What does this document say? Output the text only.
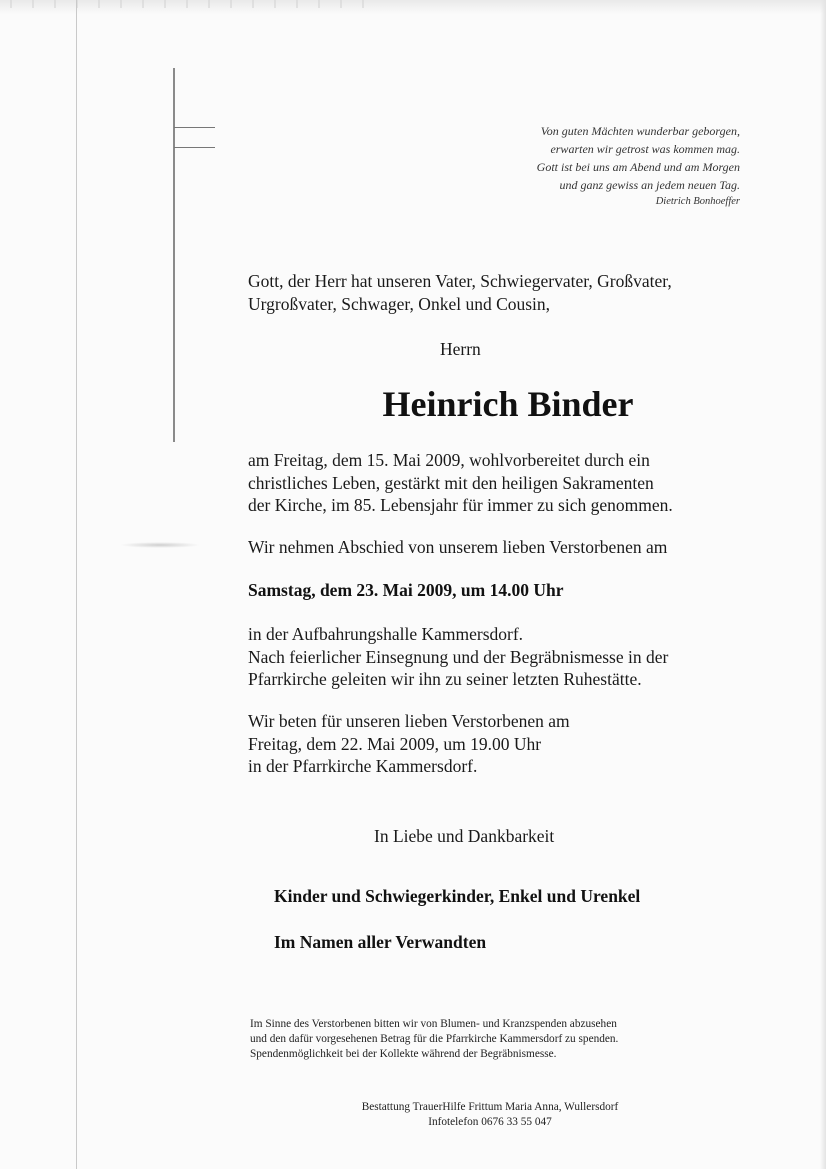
Von guten Mächten wunderbar geborgen,
erwarten wir getrost was kommen mag.
Gott ist bei uns am Abend und am Morgen
und ganz gewiss an jedem neuen Tag.
Dietrich Bonhoeffer
Gott, der Herr hat unseren Vater, Schwiegervater, Großvater,
Urgroßvater, Schwager, Onkel und Cousin,
Herrn
Heinrich Binder
am Freitag, dem 15. Mai 2009, wohlvorbereitet durch ein
christliches Leben, gestärkt mit den heiligen Sakramenten
der Kirche, im 85. Lebensjahr für immer zu sich genommen.
Wir nehmen Abschied von unserem lieben Verstorbenen am
Samstag, dem 23. Mai 2009, um 14.00 Uhr
in der Aufbahrungshalle Kammersdorf.
Nach feierlicher Einsegnung und der Begräbnismesse in der
Pfarrkirche geleiten wir ihn zu seiner letzten Ruhestätte.
Wir beten für unseren lieben Verstorbenen am
Freitag, dem 22. Mai 2009, um 19.00 Uhr
in der Pfarrkirche Kammersdorf.
In Liebe und Dankbarkeit
Kinder und Schwiegerkinder, Enkel und Urenkel
Im Namen aller Verwandten
Im Sinne des Verstorbenen bitten wir von Blumen- und Kranzspenden abzusehen
und den dafür vorgesehenen Betrag für die Pfarrkirche Kammersdorf zu spenden.
Spendenmöglichkeit bei der Kollekte während der Begräbnismesse.
Bestattung TrauerHilfe Frittum Maria Anna, Wullersdorf
Infotelefon 0676 33 55 047
